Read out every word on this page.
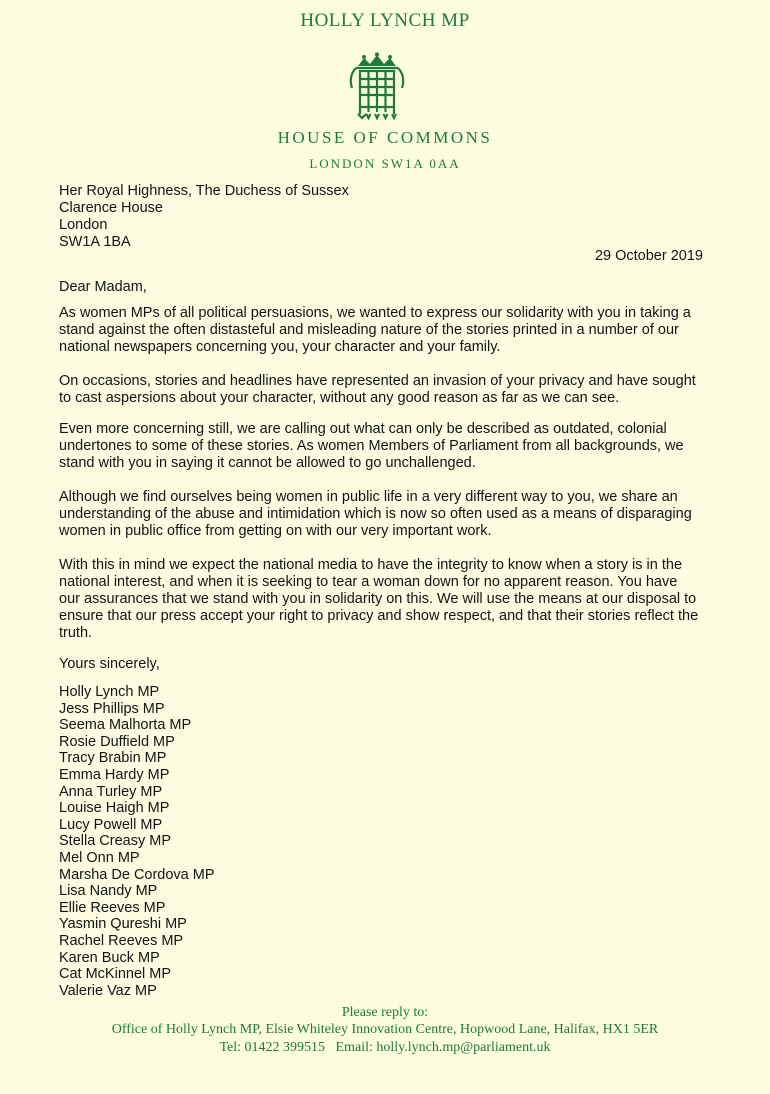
HOLLY LYNCH MP
HOUSE OF COMMONS
LONDON SW1A 0AA
Her Royal Highness, The Duchess of Sussex
Clarence House
London
SW1A 1BA
29 October 2019
Dear Madam,
As women MPs of all political persuasions, we wanted to express our solidarity with you in taking a
stand against the often distasteful and misleading nature of the stories printed in a number of our
national newspapers concerning you, your character and your family.
On occasions, stories and headlines have represented an invasion of your privacy and have sought
to cast aspersions about your character, without any good reason as far as we can see.
Even more concerning still, we are calling out what can only be described as outdated, colonial
undertones to some of these stories. As women Members of Parliament from all backgrounds, we
stand with you in saying it cannot be allowed to go unchallenged.
Although we find ourselves being women in public life in a very different way to you, we share an
understanding of the abuse and intimidation which is now so often used as a means of disparaging
women in public office from getting on with our very important work.
With this in mind we expect the national media to have the integrity to know when a story is in the
national interest, and when it is seeking to tear a woman down for no apparent reason. You have
our assurances that we stand with you in solidarity on this. We will use the means at our disposal to
ensure that our press accept your right to privacy and show respect, and that their stories reflect the
truth.
Yours sincerely,
Holly Lynch MP
Jess Phillips MP
Seema Malhorta MP
Rosie Duffield MP
Tracy Brabin MP
Emma Hardy MP
Anna Turley MP
Louise Haigh MP
Lucy Powell MP
Stella Creasy MP
Mel Onn MP
Marsha De Cordova MP
Lisa Nandy MP
Ellie Reeves MP
Yasmin Qureshi MP
Rachel Reeves MP
Karen Buck MP
Cat McKinnel MP
Valerie Vaz MP
Please reply to:
Office of Holly Lynch MP, Elsie Whiteley Innovation Centre, Hopwood Lane, Halifax, HX1 5ER
Tel: 01422 399515   Email: holly.lynch.mp@parliament.uk
